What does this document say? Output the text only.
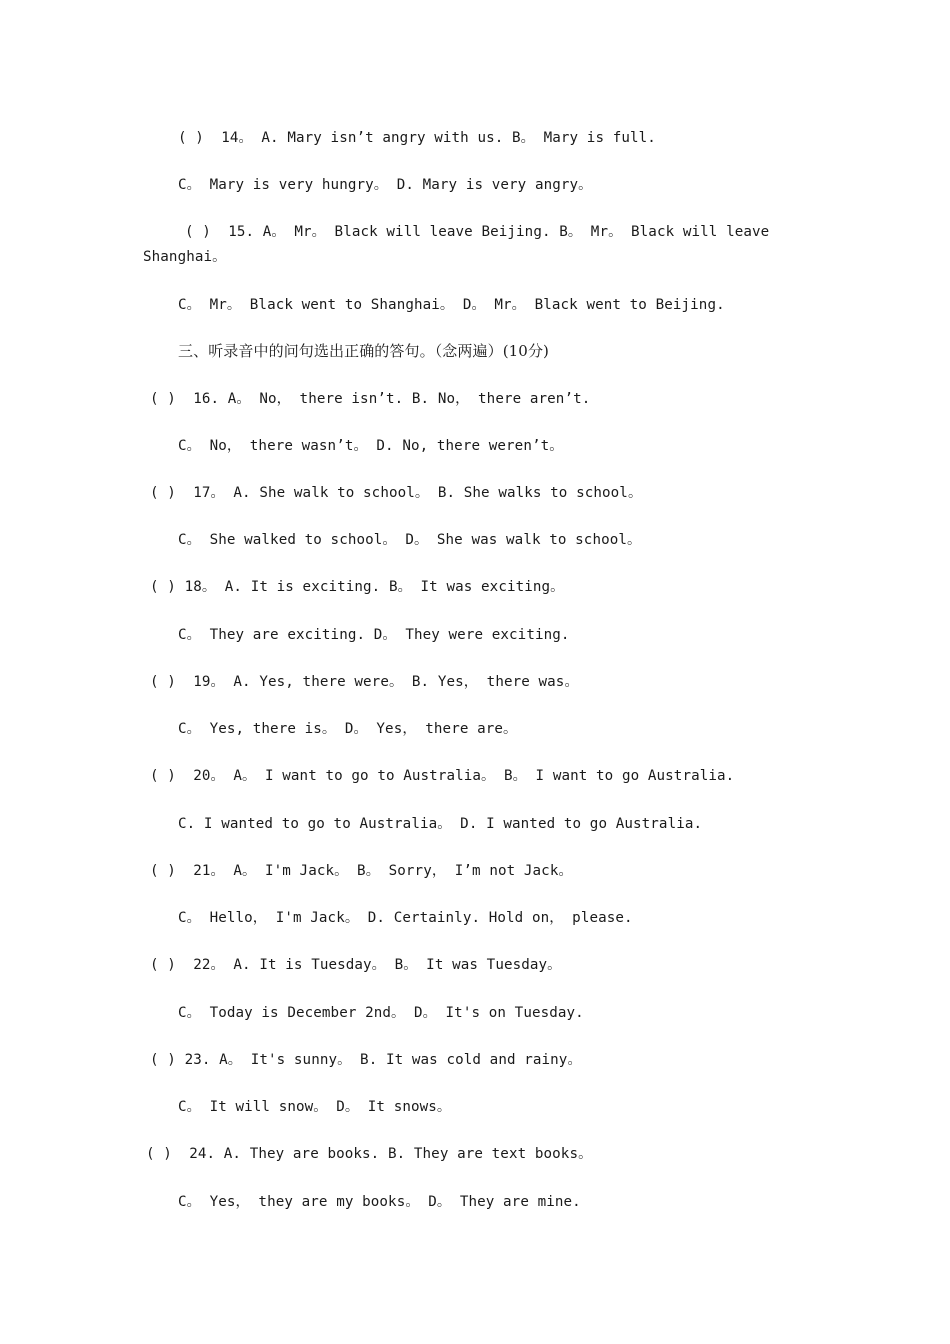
( )  14。 A. Mary isn’t angry with us. B。 Mary is full.
C。 Mary is very hungry。 D. Mary is very angry。
( )  15. A。 Mr。 Black will leave Beijing. B。 Mr。 Black will leave
Shanghai。
C。 Mr。 Black went to Shanghai。 D。 Mr。 Black went to Beijing.
三、听录音中的问句选出正确的答句。（念两遍）(10分)
( )  16. A。 No， there isn’t. B. No， there aren’t.
C。 No， there wasn’t。 D. No, there weren’t。
( )  17。 A. She walk to school。 B. She walks to school。
C。 She walked to school。 D。 She was walk to school。
( ) 18。 A. It is exciting. B。 It was exciting。
C。 They are exciting. D。 They were exciting.
( )  19。 A. Yes, there were。 B. Yes， there was。
C。 Yes, there is。 D。 Yes， there are。
( )  20。 A。 I want to go to Australia。 B。 I want to go Australia.
C. I wanted to go to Australia。 D. I wanted to go Australia.
( )  21。 A。 I'm Jack。 B。 Sorry， I’m not Jack。
C。 Hello， I'm Jack。 D. Certainly. Hold on， please.
( )  22。 A. It is Tuesday。 B。 It was Tuesday。
C。 Today is December 2nd。 D。 It's on Tuesday.
( ) 23. A。 It's sunny。 B. It was cold and rainy。
C。 It will snow。 D。 It snows。
( )  24. A. They are books. B. They are text books。
C。 Yes， they are my books。 D。 They are mine.
